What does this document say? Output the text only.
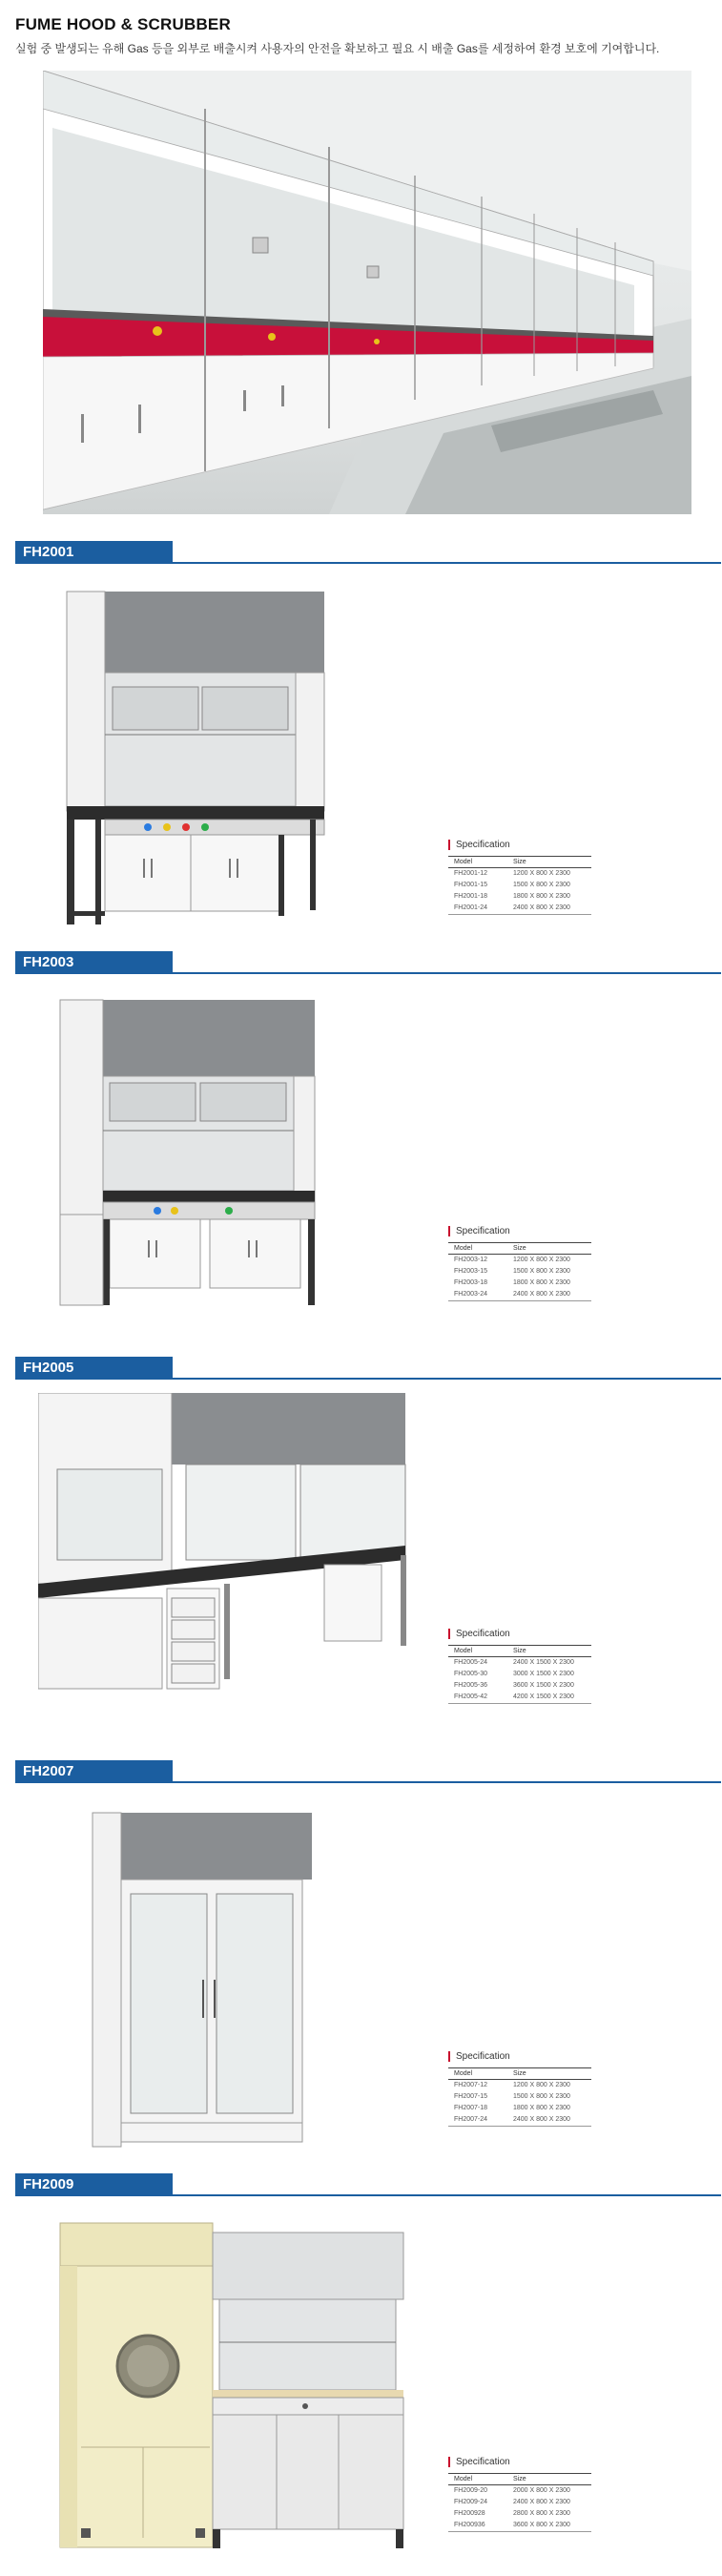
FUME HOOD & SCRUBBER
실험 중 발생되는 유해 Gas 등을 외부로 배출시켜 사용자의 안전을 확보하고 필요 시 배출 Gas를 세정하여 환경 보호에 기여합니다.
FH2001
Specification
Model	Size
FH2001-12	1200 X 800 X 2300
FH2001-15	1500 X 800 X 2300
FH2001-18	1800 X 800 X 2300
FH2001-24	2400 X 800 X 2300
FH2003
Specification
Model	Size
FH2003-12	1200 X 800 X 2300
FH2003-15	1500 X 800 X 2300
FH2003-18	1800 X 800 X 2300
FH2003-24	2400 X 800 X 2300
FH2005
Specification
Model	Size
FH2005-24	2400 X 1500 X 2300
FH2005-30	3000 X 1500 X 2300
FH2005-36	3600 X 1500 X 2300
FH2005-42	4200 X 1500 X 2300
FH2007
Specification
Model	Size
FH2007-12	1200 X 800 X 2300
FH2007-15	1500 X 800 X 2300
FH2007-18	1800 X 800 X 2300
FH2007-24	2400 X 800 X 2300
FH2009
Specification
Model	Size
FH2009-20	2000 X 800 X 2300
FH2009-24	2400 X 800 X 2300
FH200928	2800 X 800 X 2300
FH200936	3600 X 800 X 2300
